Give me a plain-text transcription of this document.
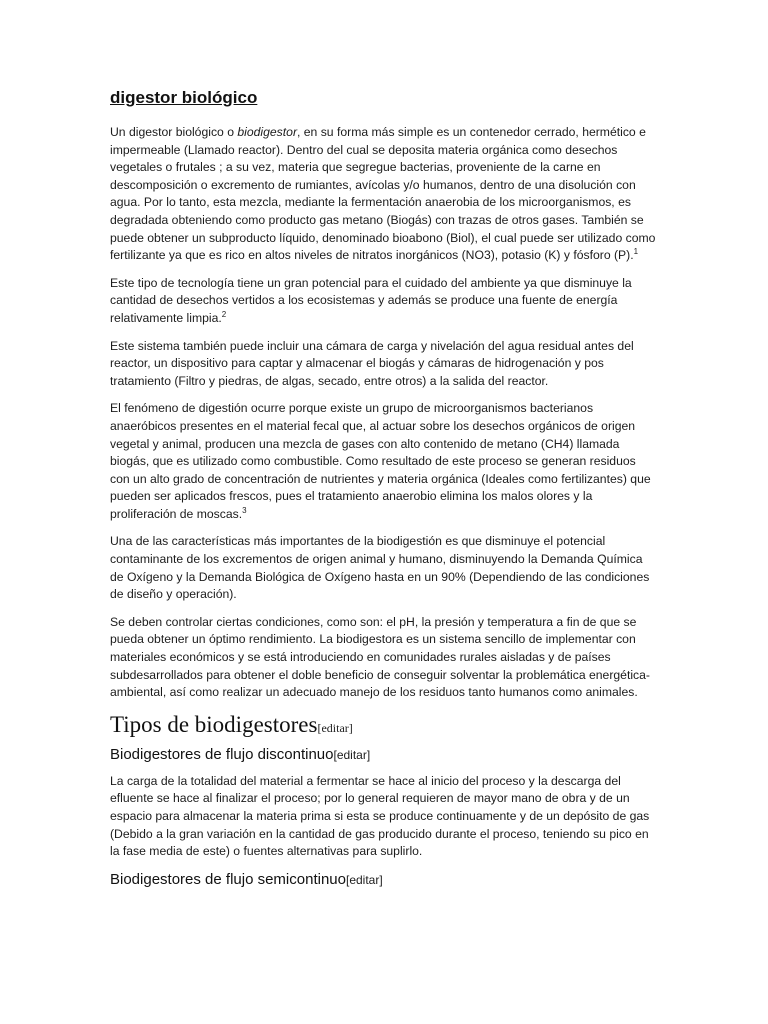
digestor biológico

Un digestor biológico o biodigestor, en su forma más simple es un contenedor cerrado, hermético e impermeable (Llamado reactor). Dentro del cual se deposita materia orgánica como desechos vegetales o frutales ; a su vez, materia que segregue bacterias, proveniente de la carne en descomposición o excremento de rumiantes, avícolas y/o humanos, dentro de una disolución con agua. Por lo tanto, esta mezcla, mediante la fermentación anaerobia de los microorganismos, es degradada obteniendo como producto gas metano (Biogás) con trazas de otros gases. También se puede obtener un subproducto líquido, denominado bioabono (Biol), el cual puede ser utilizado como fertilizante ya que es rico en altos niveles de nitratos inorgánicos (NO3), potasio (K) y fósforo (P).$^1$

Este tipo de tecnología tiene un gran potencial para el cuidado del ambiente ya que disminuye la cantidad de desechos vertidos a los ecosistemas y además se produce una fuente de energía relativamente limpia.$^2$

Este sistema también puede incluir una cámara de carga y nivelación del agua residual antes del reactor, un dispositivo para captar y almacenar el biogás y cámaras de hidrogenación y pos tratamiento (Filtro y piedras, de algas, secado, entre otros) a la salida del reactor.

El fenómeno de digestión ocurre porque existe un grupo de microorganismos bacterianos anaeróbicos presentes en el material fecal que, al actuar sobre los desechos orgánicos de origen vegetal y animal, producen una mezcla de gases con alto contenido de metano (CH4) llamada biogás, que es utilizado como combustible. Como resultado de este proceso se generan residuos con un alto grado de concentración de nutrientes y materia orgánica (Ideales como fertilizantes) que pueden ser aplicados frescos, pues el tratamiento anaerobio elimina los malos olores y la proliferación de moscas.$^3$

Una de las características más importantes de la biodigestión es que disminuye el potencial contaminante de los excrementos de origen animal y humano, disminuyendo la Demanda Química de Oxígeno y la Demanda Biológica de Oxígeno hasta en un 90% (Dependiendo de las condiciones de diseño y operación).

Se deben controlar ciertas condiciones, como son: el pH, la presión y temperatura a fin de que se pueda obtener un óptimo rendimiento. La biodigestora es un sistema sencillo de implementar con materiales económicos y se está introduciendo en comunidades rurales aisladas y de países subdesarrollados para obtener el doble beneficio de conseguir solventar la problemática energética-ambiental, así como realizar un adecuado manejo de los residuos tanto humanos como animales.

Tipos de biodigestores[editar]
Biodigestores de flujo discontinuo[editar]

La carga de la totalidad del material a fermentar se hace al inicio del proceso y la descarga del efluente se hace al finalizar el proceso; por lo general requieren de mayor mano de obra y de un espacio para almacenar la materia prima si esta se produce continuamente y de un depósito de gas (Debido a la gran variación en la cantidad de gas producido durante el proceso, teniendo su pico en la fase media de este) o fuentes alternativas para suplirlo.

Biodigestores de flujo semicontinuo[editar]
